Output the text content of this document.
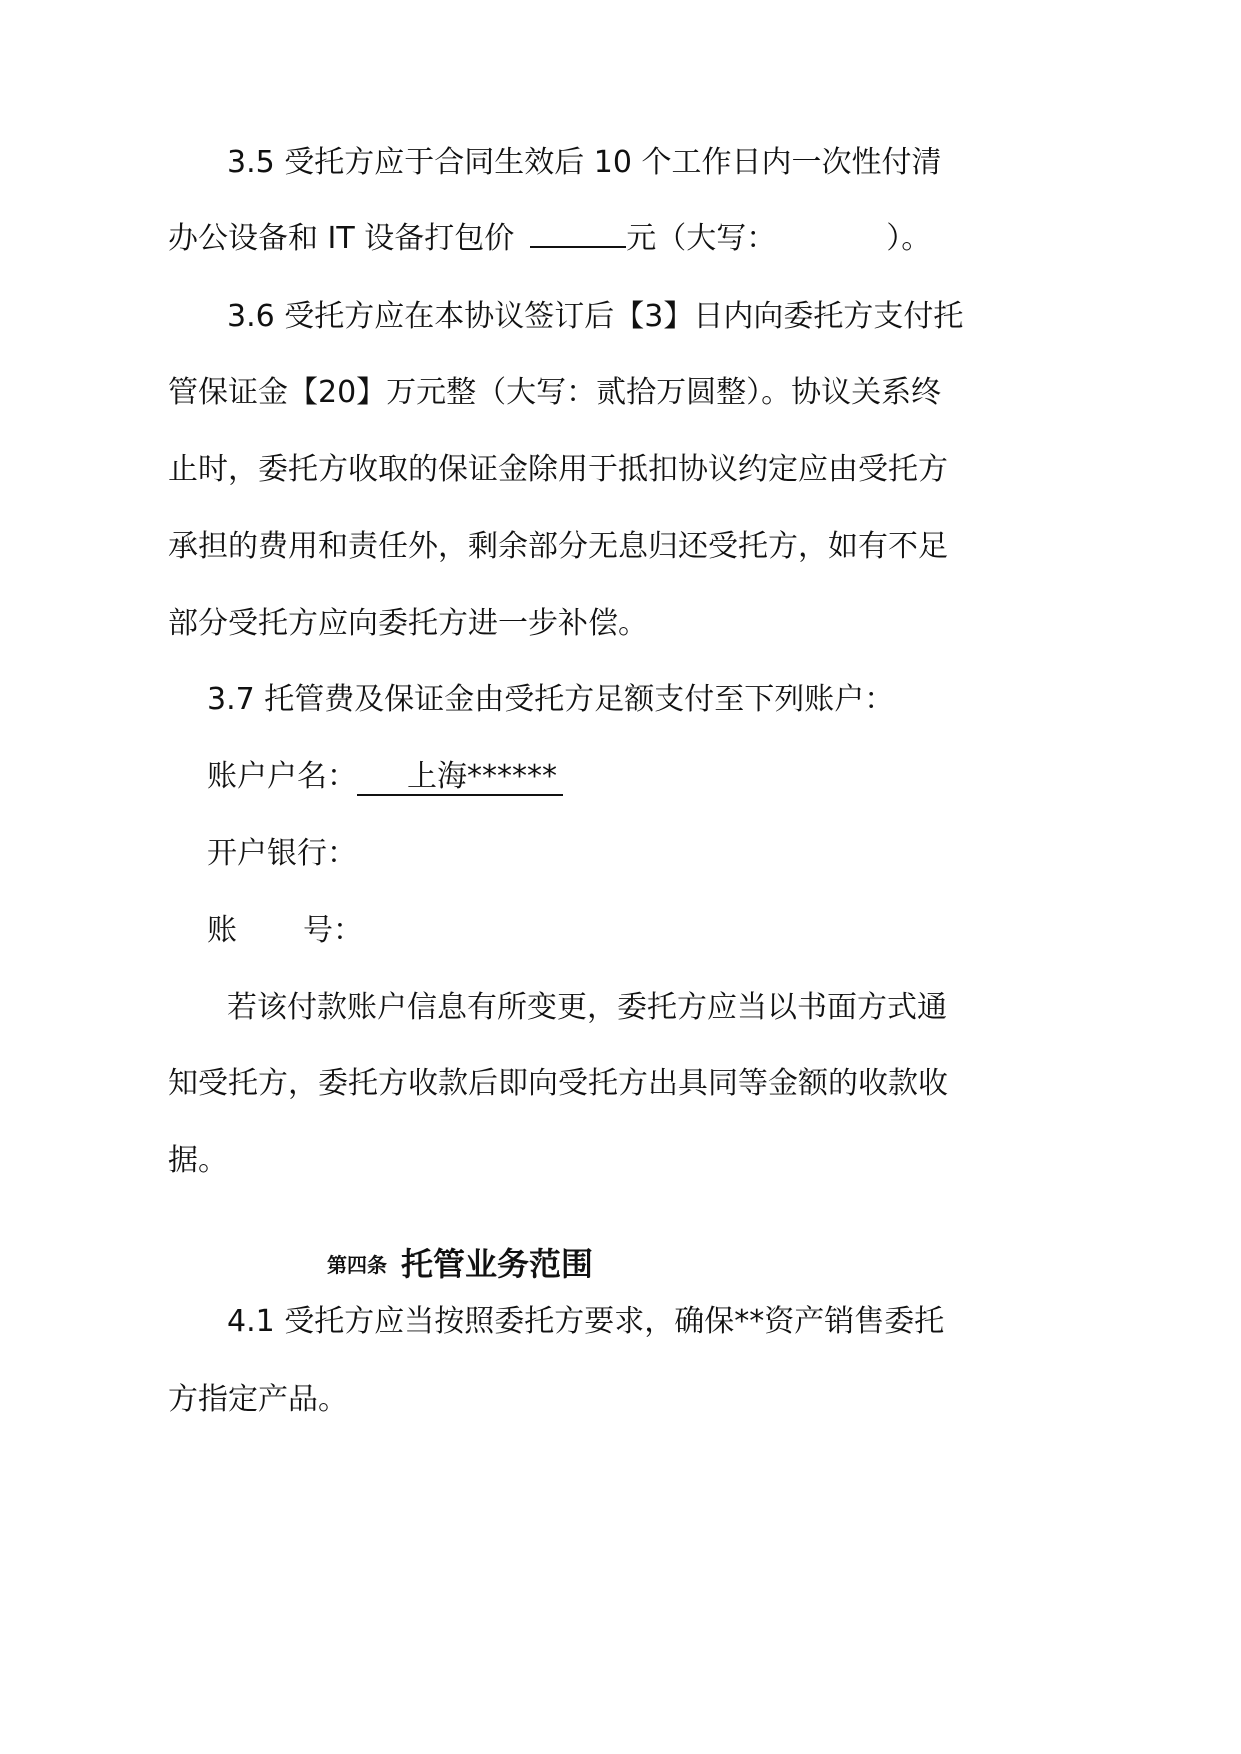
3.5 受托方应于合同生效后 10 个工作日内一次性付清
办公设备和 IT 设备打包价	元（大写：	）。
3.6 受托方应在本协议签订后【3】日内向委托方支付托
管保证金【20】万元整（大写：贰拾万圆整）。协议关系终
止时，委托方收取的保证金除用于抵扣协议约定应由受托方
承担的费用和责任外，剩余部分无息归还受托方，如有不足
部分受托方应向委托方进一步补偿。
3.7 托管费及保证金由受托方足额支付至下列账户：
账户户名： 上海******
开户银行：
账 号：
若该付款账户信息有所变更，委托方应当以书面方式通
知受托方，委托方收款后即向受托方出具同等金额的收款收
据。
第四条 托管业务范围
4.1 受托方应当按照委托方要求，确保**资产销售委托
方指定产品。
